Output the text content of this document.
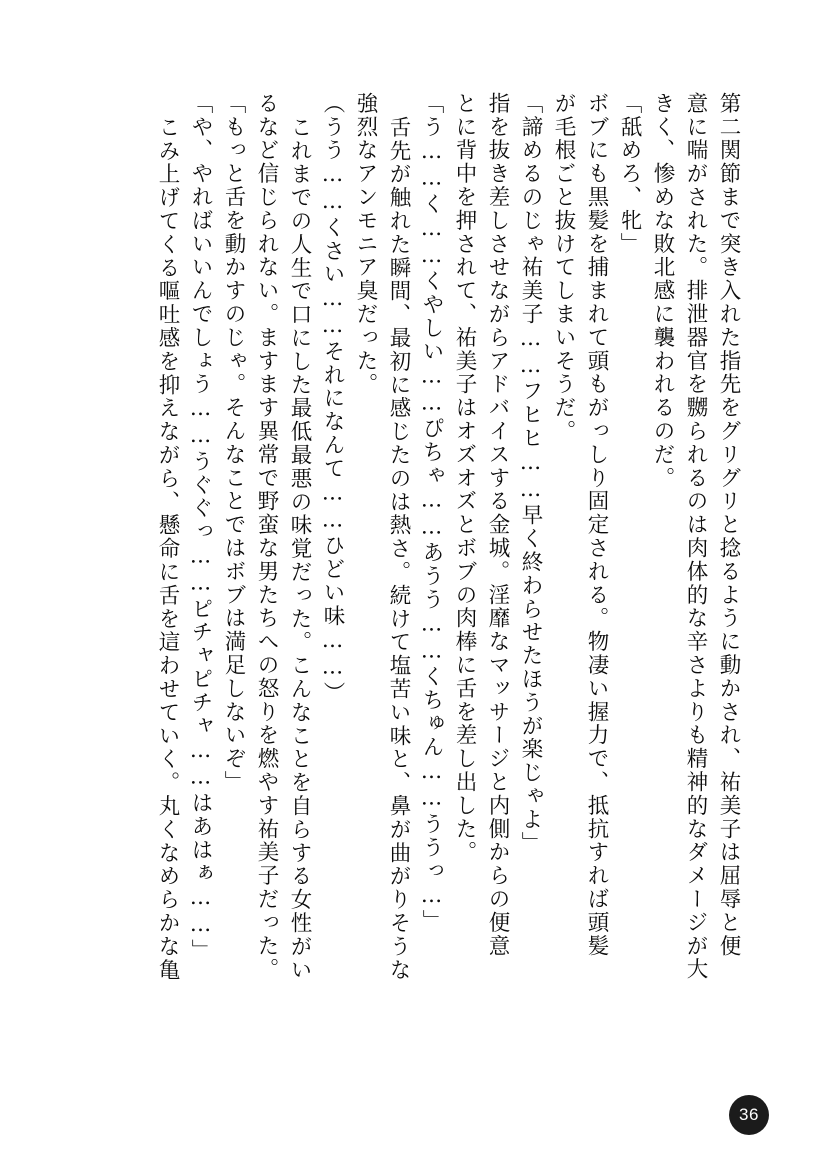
第二関節まで突き入れた指先をグリグリと捻るように動かされ、祐美子は屈辱と便
意に喘がされた。排泄器官を嬲られるのは肉体的な辛さよりも精神的なダメージが大
きく、惨めな敗北感に襲われるのだ。
「舐めろ、牝」
ボブにも黒髪を捕まれて頭もがっしり固定される。物凄い握力で、抵抗すれば頭髪
が毛根ごと抜けてしまいそうだ。
「諦めるのじゃ祐美子……フヒヒ……早く終わらせたほうが楽じゃよ」
指を抜き差しさせながらアドバイスする金城。淫靡なマッサージと内側からの便意
とに背中を押されて、祐美子はオズオズとボブの肉棒に舌を差し出した。
「う……く……くやしい……ぴちゃ……あうう……くちゅん……ううっ…」
舌先が触れた瞬間、最初に感じたのは熱さ。続けて塩苦い味と、鼻が曲がりそうな
強烈なアンモニア臭だった。
（うう……くさい……それになんて……ひどい味……）
これまでの人生で口にした最低最悪の味覚だった。こんなことを自らする女性がい
るなど信じられない。ますます異常で野蛮な男たちへの怒りを燃やす祐美子だった。
「もっと舌を動かすのじゃ。そんなことではボブは満足しないぞ」
「や、やればいいんでしょう……うぐぐっ……ピチャピチャ……はあはぁ……」
こみ上げてくる嘔吐感を抑えながら、懸命に舌を這わせていく。丸くなめらかな亀
36
